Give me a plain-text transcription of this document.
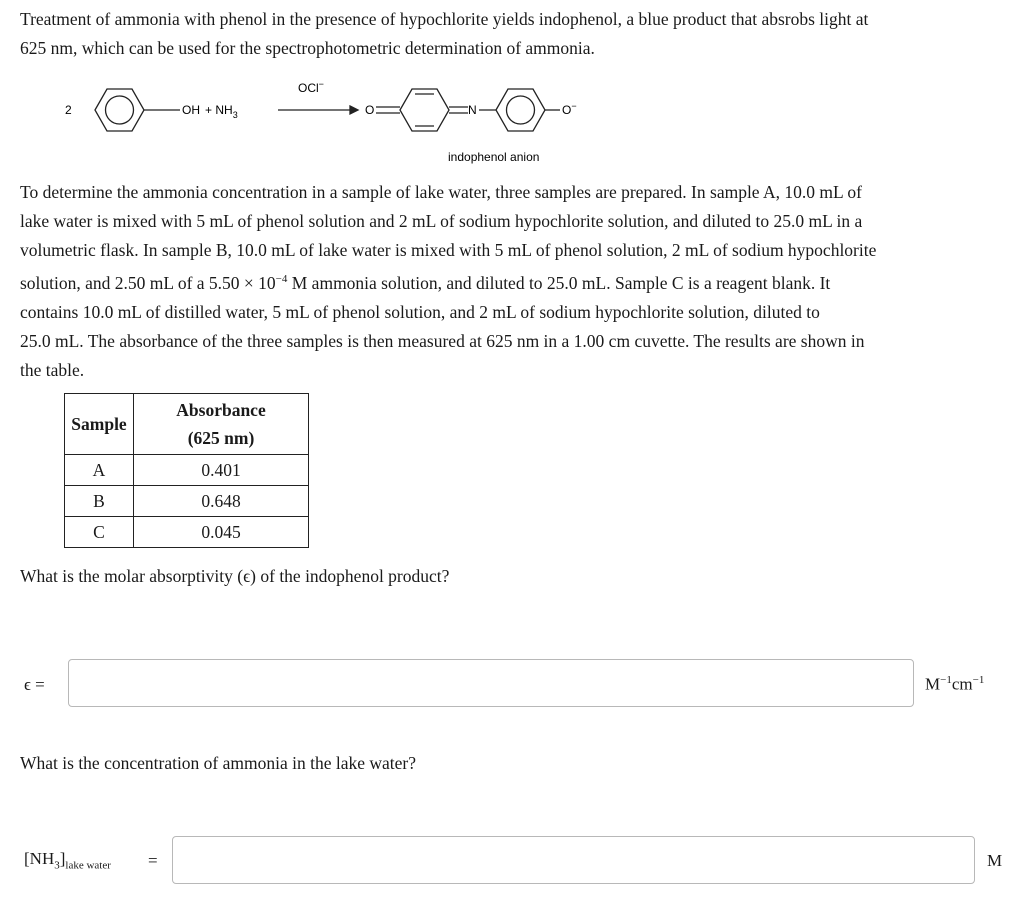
Treatment of ammonia with phenol in the presence of hypochlorite yields indophenol, a blue product that absrobs light at
625 nm, which can be used for the spectrophotometric determination of ammonia.

2	OH + $NH_3$
OCl−
O	N	O−
indophenol anion

To determine the ammonia concentration in a sample of lake water, three samples are prepared. In sample A, 10.0 mL of
lake water is mixed with 5 mL of phenol solution and 2 mL of sodium hypochlorite solution, and diluted to 25.0 mL in a
volumetric flask. In sample B, 10.0 mL of lake water is mixed with 5 mL of phenol solution, 2 mL of sodium hypochlorite
solution, and 2.50 mL of a $5.50 \times 10^{-4}$ M ammonia solution, and diluted to 25.0 mL. Sample C is a reagent blank. It
contains 10.0 mL of distilled water, 5 mL of phenol solution, and 2 mL of sodium hypochlorite solution, diluted to
25.0 mL. The absorbance of the three samples is then measured at 625 nm in a 1.00 cm cuvette. The results are shown in
the table.

Sample	Absorbance
(625 nm)

A	0.401
B	0.648
C	0.045

What is the molar absorptivity (ϵ) of the indophenol product?

ϵ =	$M^{-1}cm^{-1}$

What is the concentration of ammonia in the lake water?

$[NH_3]_{lake water}$ =	M
